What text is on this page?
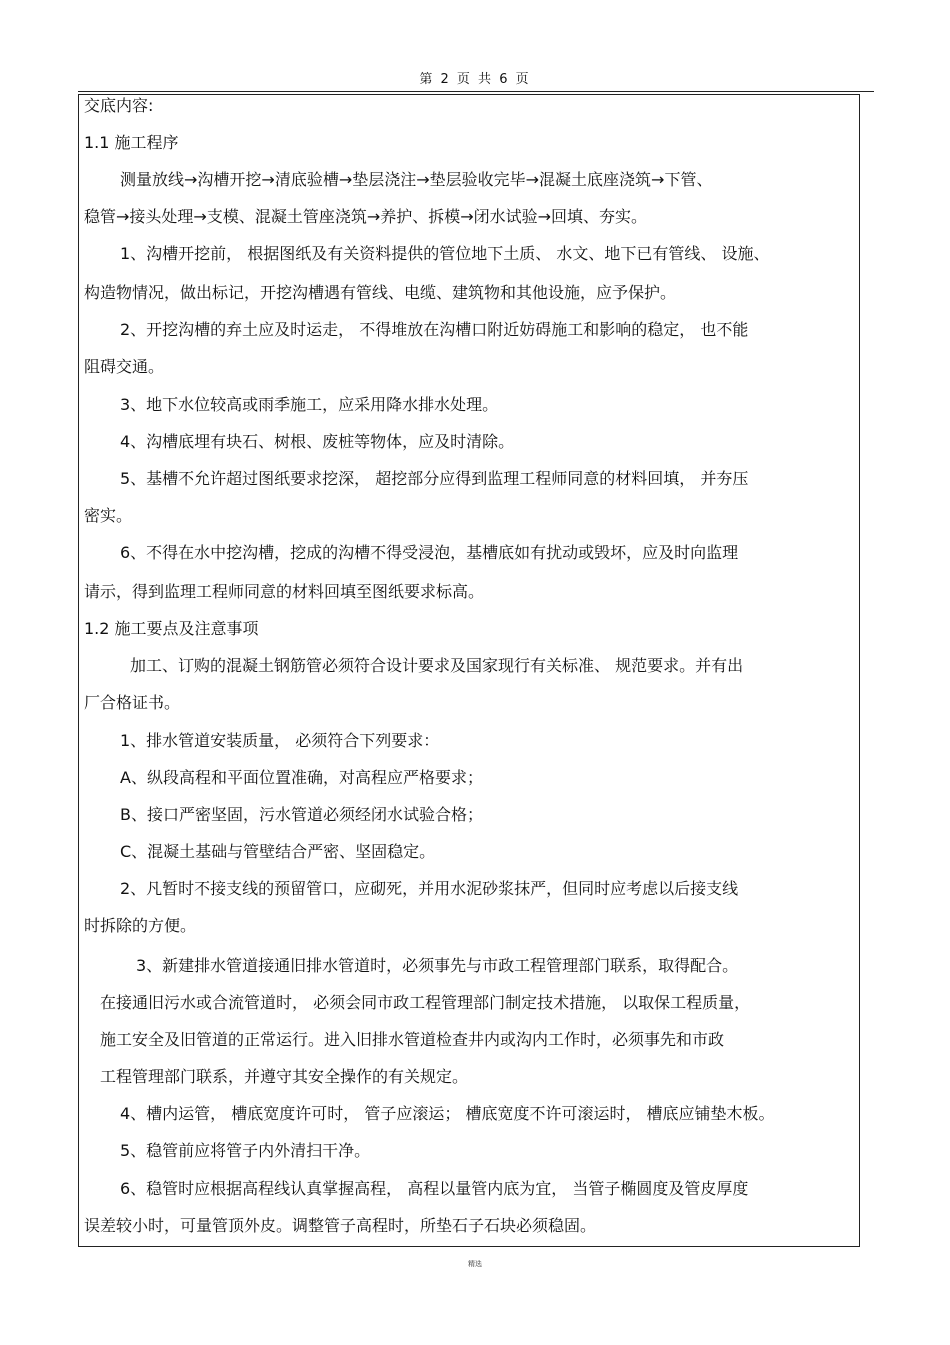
第 2 页 共 6 页
交底内容:
1.1 施工程序
测量放线→沟槽开挖→清底验槽→垫层浇注→垫层验收完毕→混凝土底座浇筑→下管、
稳管→接头处理→支模、混凝土管座浇筑→养护、拆模→闭水试验→回填、夯实。
1、沟槽开挖前， 根据图纸及有关资料提供的管位地下土质、 水文、地下已有管线、 设施、
构造物情况，做出标记，开挖沟槽遇有管线、电缆、建筑物和其他设施，应予保护。
2、开挖沟槽的弃土应及时运走， 不得堆放在沟槽口附近妨碍施工和影响的稳定， 也不能
阻碍交通。
3、地下水位较高或雨季施工，应采用降水排水处理。
4、沟槽底埋有块石、树根、废桩等物体，应及时清除。
5、基槽不允许超过图纸要求挖深， 超挖部分应得到监理工程师同意的材料回填， 并夯压
密实。
6、不得在水中挖沟槽，挖成的沟槽不得受浸泡，基槽底如有扰动或毁坏，应及时向监理
请示，得到监理工程师同意的材料回填至图纸要求标高。
1.2 施工要点及注意事项
加工、订购的混凝土钢筋管必须符合设计要求及国家现行有关标准、 规范要求。并有出
厂合格证书。
1、排水管道安装质量， 必须符合下列要求：
A、纵段高程和平面位置准确，对高程应严格要求；
B、接口严密坚固，污水管道必须经闭水试验合格；
C、混凝土基础与管壁结合严密、坚固稳定。
2、凡暂时不接支线的预留管口，应砌死，并用水泥砂浆抹严，但同时应考虑以后接支线
时拆除的方便。
3、新建排水管道接通旧排水管道时，必须事先与市政工程管理部门联系，取得配合。
在接通旧污水或合流管道时， 必须会同市政工程管理部门制定技术措施， 以取保工程质量，
施工安全及旧管道的正常运行。进入旧排水管道检查井内或沟内工作时，必须事先和市政
工程管理部门联系，并遵守其安全操作的有关规定。
4、槽内运管， 槽底宽度许可时， 管子应滚运； 槽底宽度不许可滚运时， 槽底应铺垫木板。
5、稳管前应将管子内外清扫干净。
6、稳管时应根据高程线认真掌握高程， 高程以量管内底为宜， 当管子椭圆度及管皮厚度
误差较小时，可量管顶外皮。调整管子高程时，所垫石子石块必须稳固。
精选
